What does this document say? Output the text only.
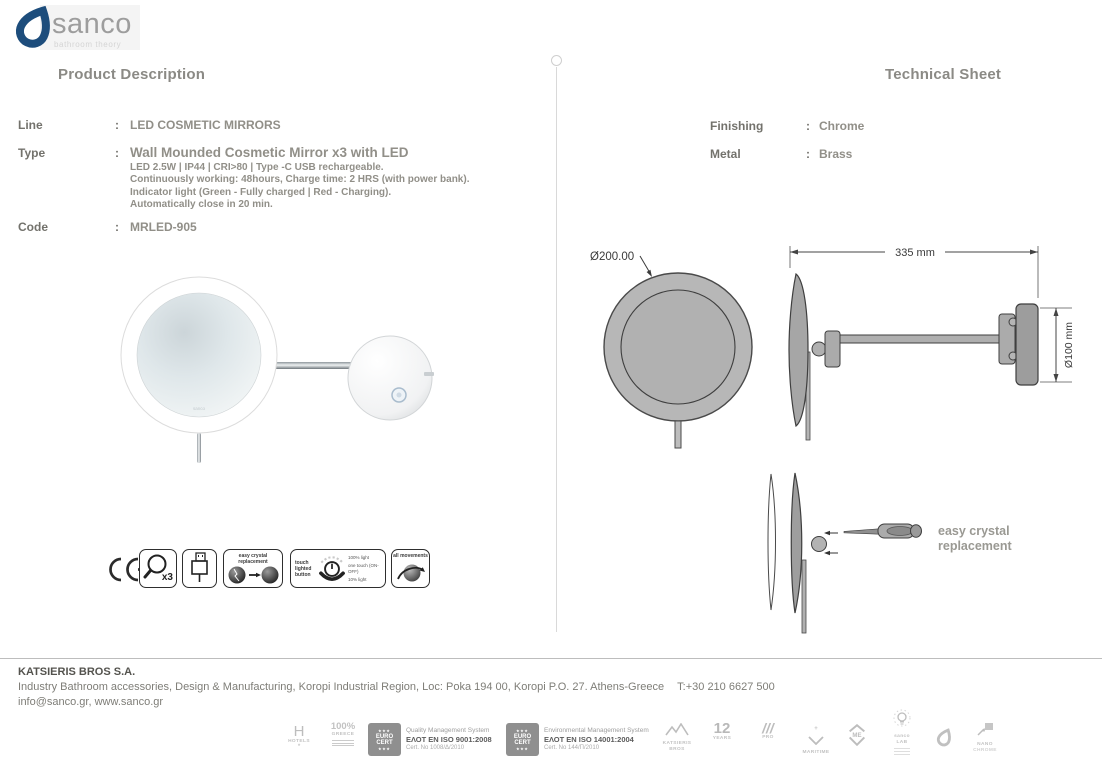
sanco
bathroom theory
Product Description	Technical Sheet
Line	: LED COSMETIC MIRRORS
Type	: Wall Mounded Cosmetic Mirror x3 with LED
LED 2.5W | IP44 | CRI>80 | Type -C USB rechargeable.
Continuously working: 48hours, Charge time: 2 HRS (with power bank).
Indicator light (Green - Fully charged | Red - Charging).
Automatically close in 20 min.
Code	: MRLED-905
Finishing	: Chrome
Metal	: Brass
sanco
Ø200.00	335 mm
Ø100 mm
easy crystal replacement
x3
easy crystal
replacement	touch
lighted
button
100% light
one touch (ON-OFF)
10% light
all movements
KATSIERIS BROS S.A.
Industry Bathroom accessories, Design & Manufacturing, Koropi Industrial Region, Loc: Poka 194 00, Koropi P.O. 27. Athens-Greece T:+30 210 6627 500
info@sanco.gr, www.sanco.gr
H
HOTELS
*
100%
GREECE
★★★
EURO
CERT
★★★
Quality Management System
ΕΛΟΤ EN ISO 9001:2008
Cert. No 1008/Δ/2010
★★★
EURO
CERT
★★★
Environmental Management System
ΕΛΟΤ EN ISO 14001:2004
Cert. No 144/Π/2010
KATSIERIS
BROS
12
YEARS
///
PRO
+
MARITIME
ME	sanco
LAB	NANO
CHROME
